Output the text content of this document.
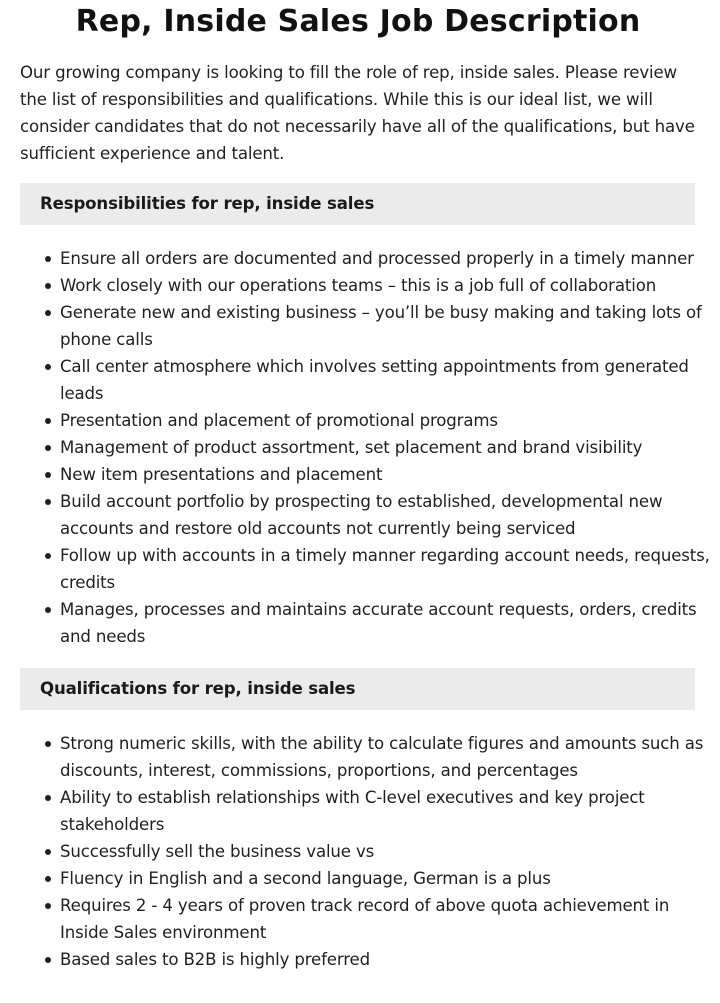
Rep, Inside Sales Job Description

Our growing company is looking to fill the role of rep, inside sales. Please review the list of responsibilities and qualifications. While this is our ideal list, we will consider candidates that do not necessarily have all of the qualifications, but have sufficient experience and talent.

Responsibilities for rep, inside sales
Ensure all orders are documented and processed properly in a timely manner
Work closely with our operations teams – this is a job full of collaboration
Generate new and existing business – you’ll be busy making and taking lots of phone calls
Call center atmosphere which involves setting appointments from generated leads
Presentation and placement of promotional programs
Management of product assortment, set placement and brand visibility
New item presentations and placement
Build account portfolio by prospecting to established, developmental new accounts and restore old accounts not currently being serviced
Follow up with accounts in a timely manner regarding account needs, requests, credits
Manages, processes and maintains accurate account requests, orders, credits and needs
Qualifications for rep, inside sales
Strong numeric skills, with the ability to calculate figures and amounts such as discounts, interest, commissions, proportions, and percentages
Ability to establish relationships with C-level executives and key project stakeholders
Successfully sell the business value vs
Fluency in English and a second language, German is a plus
Requires 2 - 4 years of proven track record of above quota achievement in Inside Sales environment
Based sales to B2B is highly preferred
